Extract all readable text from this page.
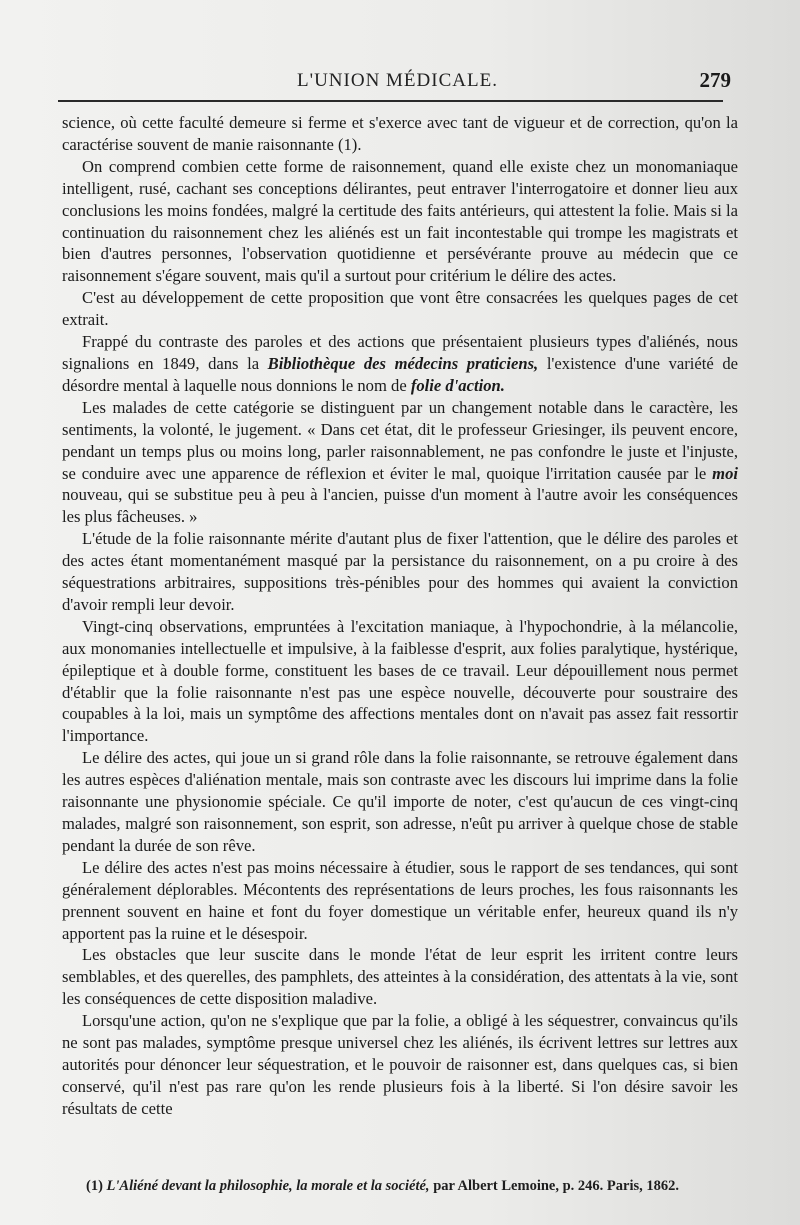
L'UNION MÉDICALE.	279

science, où cette faculté demeure si ferme et s'exerce avec tant de vigueur et de correction, qu'on la caractérise souvent de manie raisonnante (1).

On comprend combien cette forme de raisonnement, quand elle existe chez un monomaniaque intelligent, rusé, cachant ses conceptions délirantes, peut entraver l'interrogatoire et donner lieu aux conclusions les moins fondées, malgré la certitude des faits antérieurs, qui attestent la folie. Mais si la continuation du raisonnement chez les aliénés est un fait incontestable qui trompe les magistrats et bien d'autres personnes, l'observation quotidienne et persévérante prouve au médecin que ce raisonnement s'égare souvent, mais qu'il a surtout pour critérium le délire des actes.

C'est au développement de cette proposition que vont être consacrées les quelques pages de cet extrait.

Frappé du contraste des paroles et des actions que présentaient plusieurs types d'aliénés, nous signalions en 1849, dans la Bibliothèque des médecins praticiens, l'existence d'une variété de désordre mental à laquelle nous donnions le nom de folie d'action.

Les malades de cette catégorie se distinguent par un changement notable dans le caractère, les sentiments, la volonté, le jugement. « Dans cet état, dit le professeur Griesinger, ils peuvent encore, pendant un temps plus ou moins long, parler raisonnablement, ne pas confondre le juste et l'injuste, se conduire avec une apparence de réflexion et éviter le mal, quoique l'irritation causée par le moi nouveau, qui se substitue peu à peu à l'ancien, puisse d'un moment à l'autre avoir les conséquences les plus fâcheuses. »

L'étude de la folie raisonnante mérite d'autant plus de fixer l'attention, que le délire des paroles et des actes étant momentanément masqué par la persistance du raisonnement, on a pu croire à des séquestrations arbitraires, suppositions très-pénibles pour des hommes qui avaient la conviction d'avoir rempli leur devoir.

Vingt-cinq observations, empruntées à l'excitation maniaque, à l'hypochondrie, à la mélancolie, aux monomanies intellectuelle et impulsive, à la faiblesse d'esprit, aux folies paralytique, hystérique, épileptique et à double forme, constituent les bases de ce travail. Leur dépouillement nous permet d'établir que la folie raisonnante n'est pas une espèce nouvelle, découverte pour soustraire des coupables à la loi, mais un symptôme des affections mentales dont on n'avait pas assez fait ressortir l'importance.

Le délire des actes, qui joue un si grand rôle dans la folie raisonnante, se retrouve également dans les autres espèces d'aliénation mentale, mais son contraste avec les discours lui imprime dans la folie raisonnante une physionomie spéciale. Ce qu'il importe de noter, c'est qu'aucun de ces vingt-cinq malades, malgré son raisonnement, son esprit, son adresse, n'eût pu arriver à quelque chose de stable pendant la durée de son rêve.

Le délire des actes n'est pas moins nécessaire à étudier, sous le rapport de ses tendances, qui sont généralement déplorables. Mécontents des représentations de leurs proches, les fous raisonnants les prennent souvent en haine et font du foyer domestique un véritable enfer, heureux quand ils n'y apportent pas la ruine et le désespoir.

Les obstacles que leur suscite dans le monde l'état de leur esprit les irritent contre leurs semblables, et des querelles, des pamphlets, des atteintes à la considération, des attentats à la vie, sont les conséquences de cette disposition maladive.

Lorsqu'une action, qu'on ne s'explique que par la folie, a obligé à les séquestrer, convaincus qu'ils ne sont pas malades, symptôme presque universel chez les aliénés, ils écrivent lettres sur lettres aux autorités pour dénoncer leur séquestration, et le pouvoir de raisonner est, dans quelques cas, si bien conservé, qu'il n'est pas rare qu'on les rende plusieurs fois à la liberté. Si l'on désire savoir les résultats de cette

(1) L'Aliéné devant la philosophie, la morale et la société, par Albert Lemoine, p. 246. Paris, 1862.
